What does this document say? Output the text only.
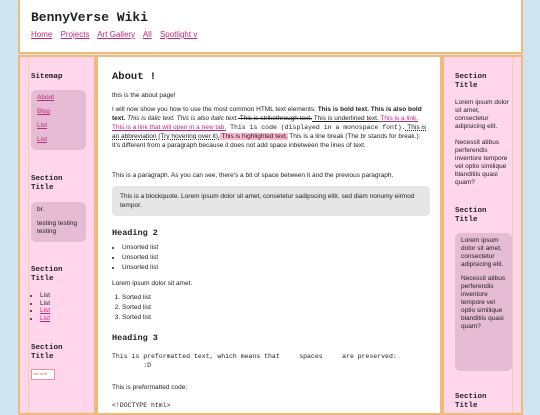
BennyVerse Wiki
Home Projects Art Gallery All Spotlight v
Sitemap
About
Blog
List
List
Section Title

br.

testing testing testing

Section Title
• List
• List
• List
• List
Section Title
cat stuff
About !
this is the about page!
I will now show you how to use the most common HTML text elements: This is bold text. This is also bold text. This is italic text. This is also italic text. This is strikethrough text. This is underlined text. This is a link. This is a link that will open in a new tab. This is code (displayed in a monospace font). This is an abbreviation (Try hovering over it). This is highlighted text. This is a line break (The br stands for break.):
It's different from a paragraph because it does not add space inbetween the lines of text.
This is a paragraph. As you can see, there's a bit of space between it and the previous paragraph.
This is a blockquote. Lorem ipsum dolor sit amet, consetetur sadipscing elitr, sed diam nonumy eirmod tempor.
Heading 2
• Unsorted list
• Unsorted list
• Unsorted list
Lorem ipsum dolor sit amet.
1. Sorted list
2. Sorted list
3. Sorted list
Heading 3
This is preformatted text, which means that     spaces     are preserved:
:D
This is preformatted code:
<!DOCTYPE html>
Section Title
Lorem ipsum dolor sit amet, consectetur adipisicing elit.
Necessit atibus perferendis inventore tempore vel optio similique blanditiis quasi quam?
Section Title

Lorem ipsum dolor sit amet, consectetur adipisicing elit.

Necessit atibus perferendis inventore tempore vel optio similique blanditiis quasi quam?

Section Title
